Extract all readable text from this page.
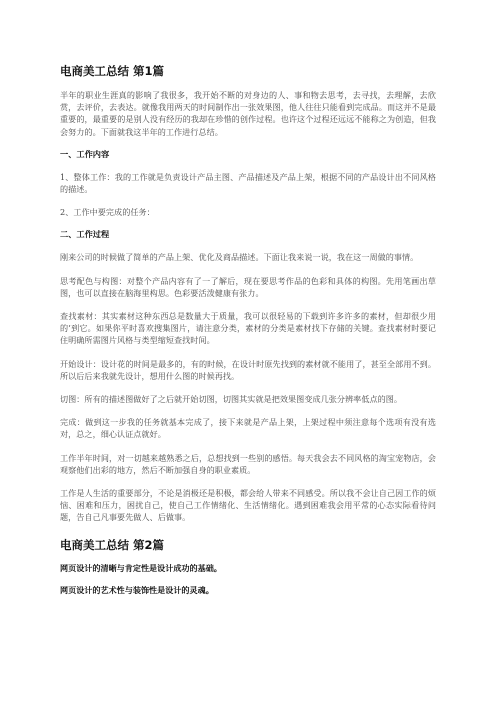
电商美工总结 第1篇

半年的职业生涯真的影响了我很多，我开始不断的对身边的人、事和物去思考，去寻找，去理解，去欣赏，去评价，去表达。就像我用两天的时间制作出一张效果图，他人往往只能看到完成品。而这并不是最重要的，最重要的是别人没有经历的我却在珍惜的创作过程。也许这个过程还远远不能称之为创造，但我会努力的。下面就我这半年的工作进行总结。

一、工作内容

1、整体工作：我的工作就是负责设计产品主图、产品描述及产品上架，根据不同的产品设计出不同风格的描述。

2、工作中要完成的任务：

二、工作过程

刚来公司的时候做了简单的产品上架、优化及商品描述。下面让我来说一说，我在这一周做的事情。

思考配色与构图：对整个产品内容有了一了解后，现在要思考作品的色彩和具体的构图。先用笔画出草图，也可以直接在脑海里构思。色彩要活泼健康有张力。

查找素材：其实素材这种东西总是数量大于质量，我可以很轻易的下载到许多许多的素材，但却很少用的’到它。如果你平时喜欢搜集图片，请注意分类，素材的分类是素材找下存储的关键。查找素材时要记住明确所需图片风格与类型缩短查找时间。

开始设计：设计花的时间是最多的，有的时候，在设计时原先找到的素材就不能用了，甚至全部用不到。所以后后来我就先设计，想用什么图的时候再找。

切图：所有的描述图做好了之后就开始切图，切图其实就是把效果图变成几张分辨率低点的图。

完成：做到这一步我的任务就基本完成了，接下来就是产品上架，上架过程中须注意每个选项有没有选对，总之，细心认证点就好。

工作半年时间，对一切越来越熟悉之后，总想找到一些别的感悟。每天我会去不同风格的淘宝宠物店，会观察他们出彩的地方，然后不断加强自身的职业素质。

工作是人生活的重要部分，不论是消极还是积极，都会给人带来不同感受。所以我不会让自己因工作的烦恼、困难和压力，困扰自己，使自己工作情绪化、生活情绪化。遇到困难我会用平常的心态实际看待问题，告自己凡事要先做人、后做事。

电商美工总结 第2篇
网页设计的清晰与肯定性是设计成功的基础。
网页设计的艺术性与装饰性是设计的灵魂。
